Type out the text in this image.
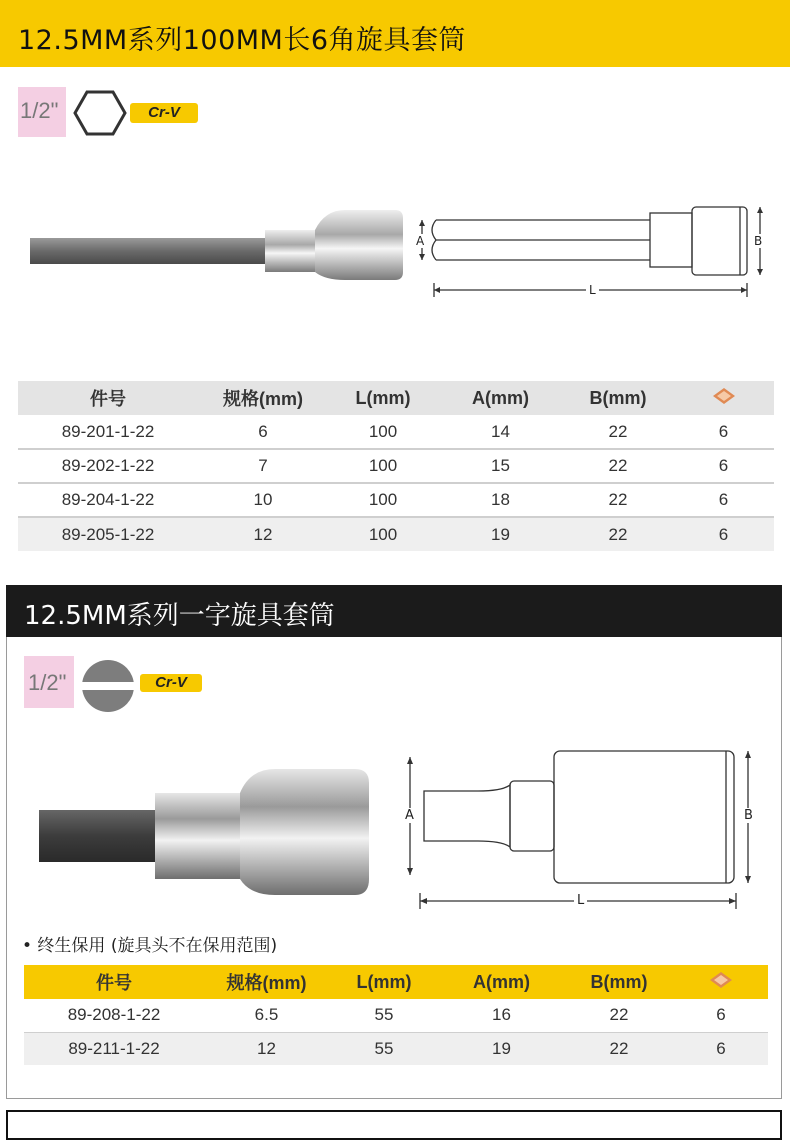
12.5MM系列100MM长6角旋具套筒
1/2"	Cr-V
A	B
L
件号	规格(mm)	L(mm)	A(mm)	B(mm)	
89-201-1-22	6	100	14	22	6
89-202-1-22	7	100	15	22	6
89-204-1-22	10	100	18	22	6
89-205-1-22	12	100	19	22	6
12.5MM系列一字旋具套筒
1/2"	Cr-V
A	B
L
• 终生保用 (旋具头不在保用范围)
件号	规格(mm)	L(mm)	A(mm)	B(mm)	
89-208-1-22	6.5	55	16	22	6
89-211-1-22	12	55	19	22	6
